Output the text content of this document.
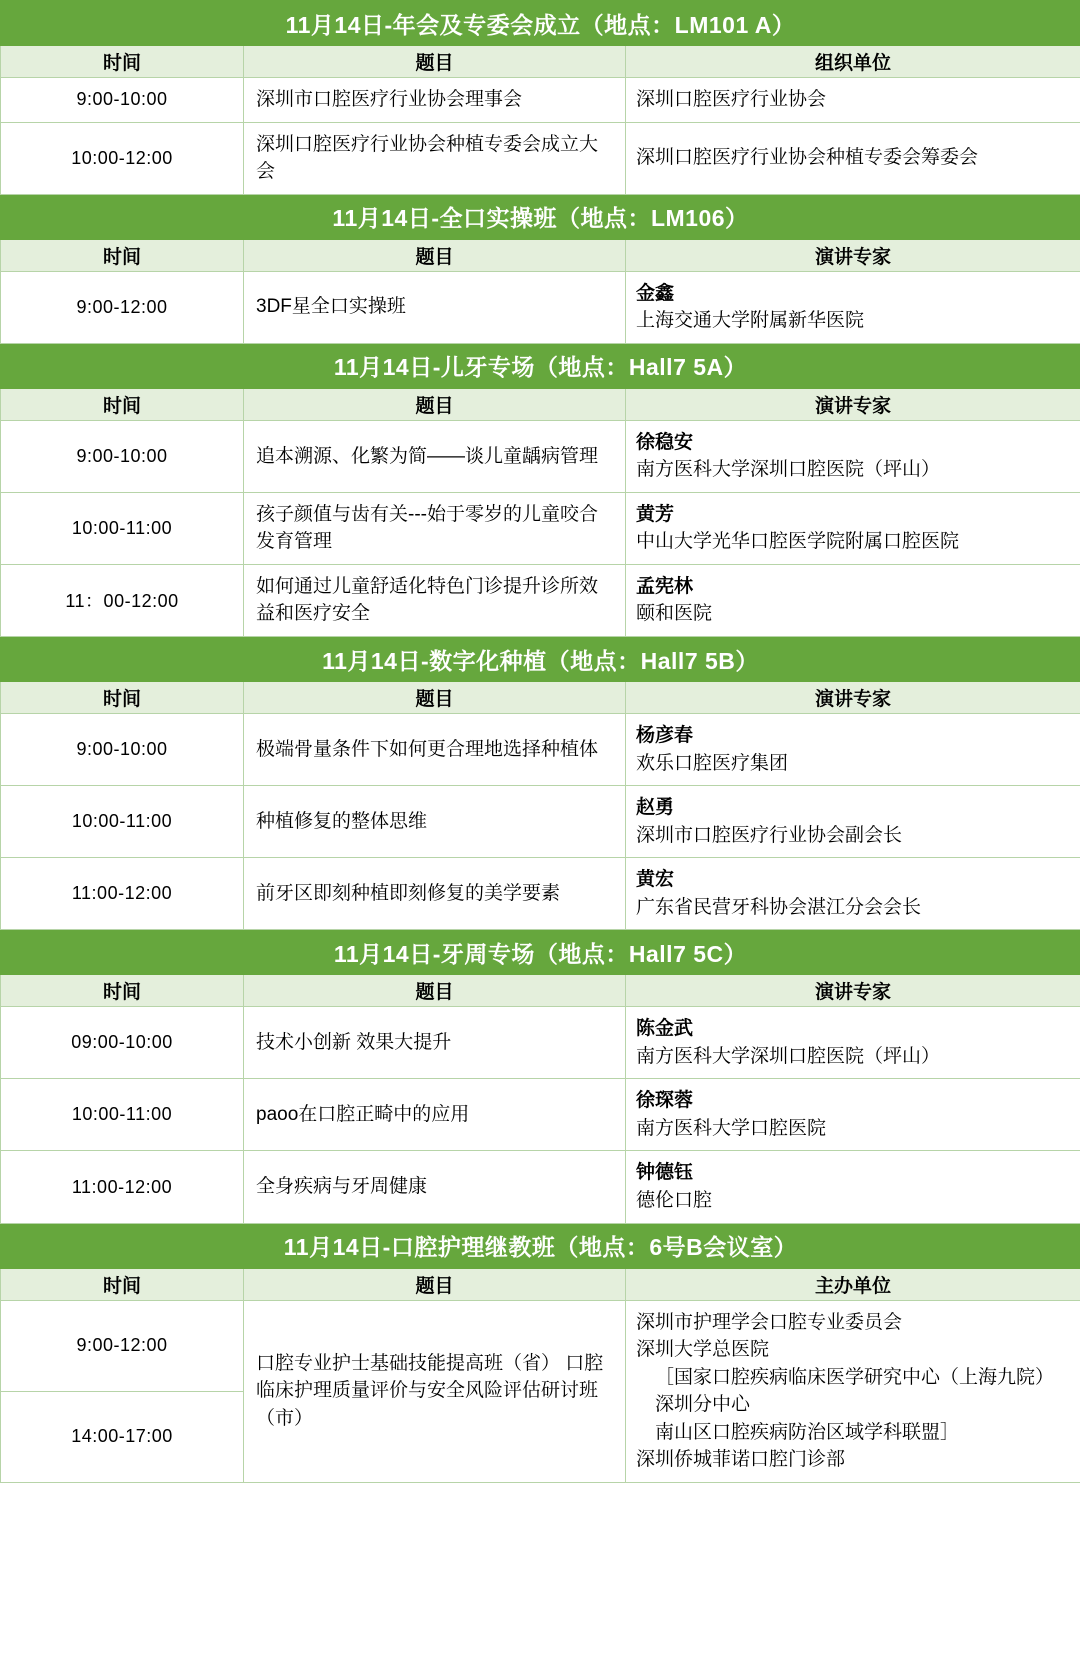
11月14日-年会及专委会成立（地点：LM101 A）		
时间	题目	组织单位
9:00-10:00	深圳市口腔医疗行业协会理事会	深圳口腔医疗行业协会
10:00-12:00	深圳口腔医疗行业协会种植专委会成立大会	深圳口腔医疗行业协会种植专委会筹委会
11月14日-全口实操班（地点：LM106）		
时间	题目	演讲专家
9:00-12:00	3DF星全口实操班	金鑫
上海交通大学附属新华医院

11月14日-儿牙专场（地点：Hall7 5A）		
时间	题目	演讲专家
9:00-10:00	追本溯源、化繁为简——谈儿童龋病管理	徐稳安
南方医科大学深圳口腔医院（坪山）

10:00-11:00	孩子颜值与齿有关---始于零岁的儿童咬合发育管理	黄芳
中山大学光华口腔医学院附属口腔医院

11：00-12:00	如何通过儿童舒适化特色门诊提升诊所效益和医疗安全	孟宪林
颐和医院

11月14日-数字化种植（地点：Hall7 5B）		
时间	题目	演讲专家
9:00-10:00	极端骨量条件下如何更合理地选择种植体	杨彦春
欢乐口腔医疗集团

10:00-11:00	种植修复的整体思维	赵勇
深圳市口腔医疗行业协会副会长

11:00-12:00	前牙区即刻种植即刻修复的美学要素	黄宏
广东省民营牙科协会湛江分会会长

11月14日-牙周专场（地点：Hall7 5C）		
时间	题目	演讲专家
09:00-10:00	技术小创新 效果大提升	陈金武
南方医科大学深圳口腔医院（坪山）

10:00-11:00	paoo在口腔正畸中的应用	徐琛蓉
南方医科大学口腔医院

11:00-12:00	全身疾病与牙周健康	钟德钰
德伦口腔

11月14日-口腔护理继教班（地点：6号B会议室）		
时间	题目	主办单位
9:00-12:00	口腔专业护士基础技能提高班（省） 口腔临床护理质量评价与安全风险评估研讨班（市）	深圳市护理学会口腔专业委员会
深圳大学总医院
［国家口腔疾病临床医学研究中心（上海九院）深圳分中心
南山区口腔疾病防治区域学科联盟］
深圳侨城菲诺口腔门诊部

14:00-17:00		
